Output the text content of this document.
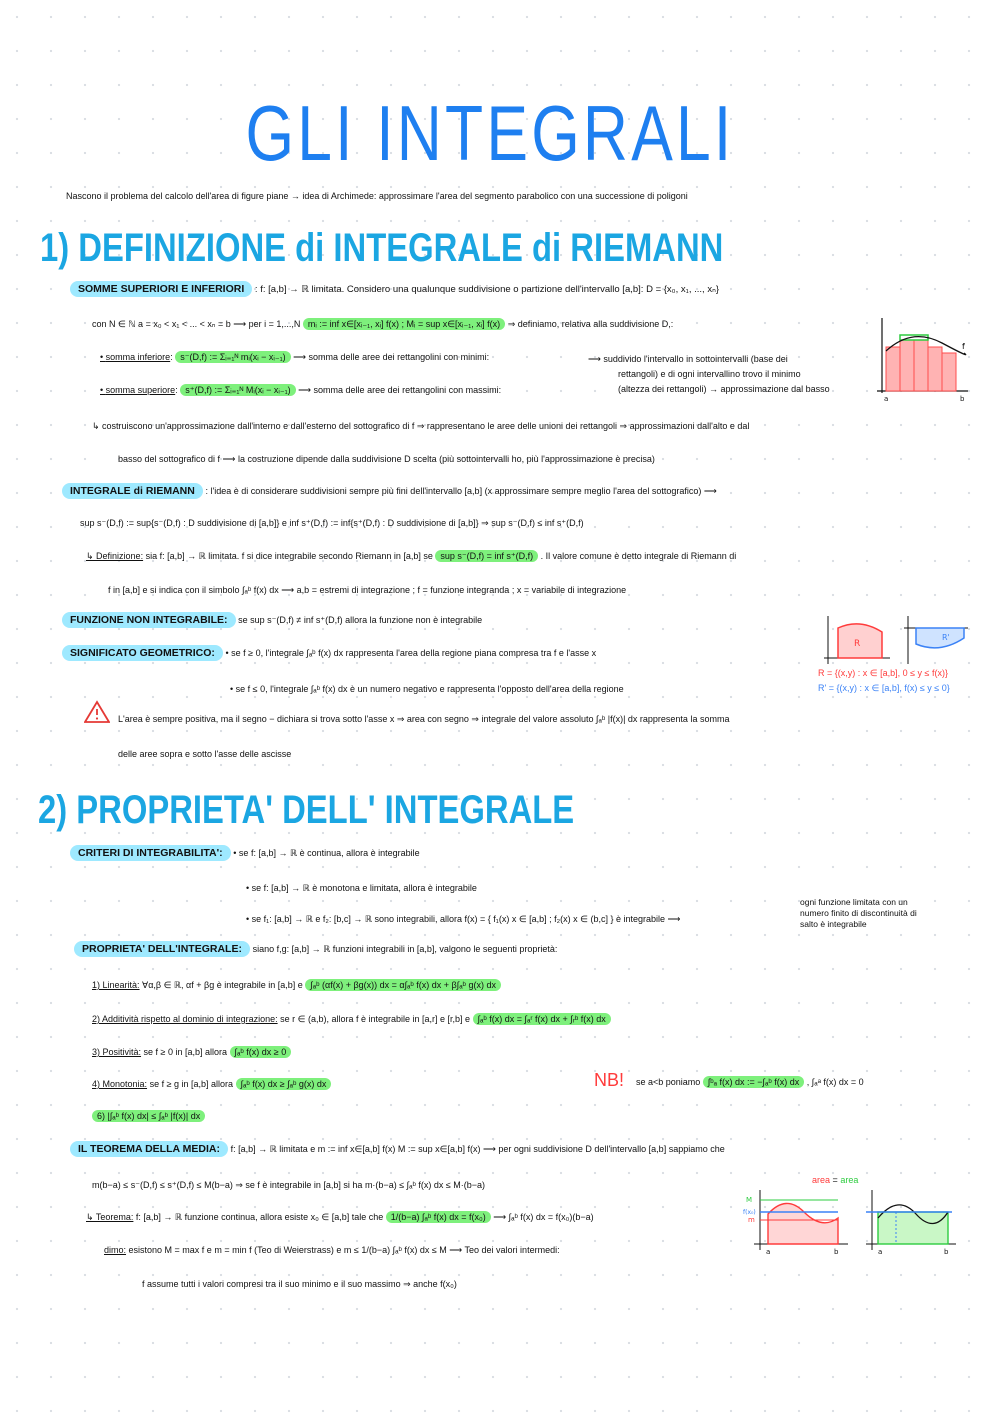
GLI INTEGRALI
Nascono il problema del calcolo dell'area di figure piane → idea di Archimede: approssimare l'area del segmento parabolico con una successione di poligoni
1) DEFINIZIONE di INTEGRALE di RIEMANN
SOMME SUPERIORI E INFERIORI : f: [a,b] → ℝ limitata. Considero una qualunque suddivisione o partizione dell'intervallo [a,b]: D = {x₀, x₁, ..., xₙ}
con N ∈ ℕ a = x₀ < x₁ < ... < xₙ = b ⟶ per i = 1,...,N mᵢ := inf x∈[xᵢ₋₁, xᵢ] f(x) ; Mᵢ = sup x∈[xᵢ₋₁, xᵢ] f(x) ⇒ definiamo, relativa alla suddivisione D,:
• somma inferiore: s⁻(D,f) := Σᵢ₌₁ᴺ mᵢ(xᵢ − xᵢ₋₁) ⟶ somma delle aree dei rettangolini con minimi:
• somma superiore: s⁺(D,f) := Σᵢ₌₁ᴺ Mᵢ(xᵢ − xᵢ₋₁) ⟶ somma delle aree dei rettangolini con massimi:
⟶ suddivido l'intervallo in sottointervalli (base dei
rettangoli) e di ogni intervallino trovo il minimo
(altezza dei rettangoli) → approssimazione dal basso
f
a	b
↳ costruiscono un'approssimazione dall'interno e dall'esterno del sottografico di f ⇒ rappresentano le aree delle unioni dei rettangoli ⇒ approssimazioni dall'alto e dal
basso del sottografico di f ⟶ la costruzione dipende dalla suddivisione D scelta (più sottointervalli ho, più l'approssimazione è precisa)
INTEGRALE di RIEMANN : l'idea è di considerare suddivisioni sempre più fini dell'intervallo [a,b] (x approssimare sempre meglio l'area del sottografico) ⟶
sup s⁻(D,f) := sup{s⁻(D,f) : D suddivisione di [a,b]} e inf s⁺(D,f) := inf{s⁺(D,f) : D suddivisione di [a,b]} ⇒ sup s⁻(D,f) ≤ inf s⁺(D,f)
↳ Definizione: sia f: [a,b] → ℝ limitata. f si dice integrabile secondo Riemann in [a,b] se sup s⁻(D,f) = inf s⁺(D,f) . Il valore comune è detto integrale di Riemann di
f in [a,b] e si indica con il simbolo ∫ₐᵇ f(x) dx ⟶ a,b = estremi di integrazione ; f = funzione integranda ; x = variabile di integrazione
FUNZIONE NON INTEGRABILE: se sup s⁻(D,f) ≠ inf s⁺(D,f) allora la funzione non è integrabile
SIGNIFICATO GEOMETRICO: • se f ≥ 0, l'integrale ∫ₐᵇ f(x) dx rappresenta l'area della regione piana compresa tra f e l'asse x
• se f ≤ 0, l'integrale ∫ₐᵇ f(x) dx è un numero negativo e rappresenta l'opposto dell'area della regione
R
R'
R = {(x,y) : x ∈ [a,b], 0 ≤ y ≤ f(x)}
R' = {(x,y) : x ∈ [a,b], f(x) ≤ y ≤ 0}
L'area è sempre positiva, ma il segno − dichiara si trova sotto l'asse x ⇒ area con segno ⇒ integrale del valore assoluto ∫ₐᵇ |f(x)| dx rappresenta la somma
delle aree sopra e sotto l'asse delle ascisse
2) PROPRIETA' DELL' INTEGRALE
CRITERI DI INTEGRABILITA': • se f: [a,b] → ℝ è continua, allora è integrabile
• se f: [a,b] → ℝ è monotona e limitata, allora è integrabile
• se f₁: [a,b] → ℝ e f₂: [b,c] → ℝ sono integrabili, allora f(x) = { f₁(x) x ∈ [a,b] ; f₂(x) x ∈ (b,c] } è integrabile ⟶
ogni funzione limitata con un
numero finito di discontinuità di
salto è integrabile
PROPRIETA' DELL'INTEGRALE: siano f,g: [a,b] → ℝ funzioni integrabili in [a,b], valgono le seguenti proprietà:
1) Linearità: ∀α,β ∈ ℝ, αf + βg è integrabile in [a,b] e ∫ₐᵇ (αf(x) + βg(x)) dx = α∫ₐᵇ f(x) dx + β∫ₐᵇ g(x) dx
2) Additività rispetto al dominio di integrazione: se r ∈ (a,b), allora f è integrabile in [a,r] e [r,b] e ∫ₐᵇ f(x) dx = ∫ₐʳ f(x) dx + ∫ᵣᵇ f(x) dx
3) Positività: se f ≥ 0 in [a,b] allora ∫ₐᵇ f(x) dx ≥ 0
4) Monotonia: se f ≥ g in [a,b] allora ∫ₐᵇ f(x) dx ≥ ∫ₐᵇ g(x) dx
6) |∫ₐᵇ f(x) dx| ≤ ∫ₐᵇ |f(x)| dx
NB! se a<b poniamo ∫ᵇₐ f(x) dx := −∫ₐᵇ f(x) dx , ∫ₐᵃ f(x) dx = 0
IL TEOREMA DELLA MEDIA: f: [a,b] → ℝ limitata e m := inf x∈[a,b] f(x) M := sup x∈[a,b] f(x) ⟶ per ogni suddivisione D dell'intervallo [a,b] sappiamo che
m(b−a) ≤ s⁻(D,f) ≤ s⁺(D,f) ≤ M(b−a) ⇒ se f è integrabile in [a,b] si ha m·(b−a) ≤ ∫ₐᵇ f(x) dx ≤ M·(b−a)
↳ Teorema: f: [a,b] → ℝ funzione continua, allora esiste x₀ ∈ [a,b] tale che 1/(b−a) ∫ₐᵇ f(x) dx = f(x₀) ⟶ ∫ₐᵇ f(x) dx = f(x₀)(b−a)
dimo: esistono M = max f e m = min f (Teo di Weierstrass) e m ≤ 1/(b−a) ∫ₐᵇ f(x) dx ≤ M ⟶ Teo dei valori intermedi:
f assume tutti i valori compresi tra il suo minimo e il suo massimo ⇒ anche f(x₀)
area = area
M
f(x₀)
m
a	b	a	b
